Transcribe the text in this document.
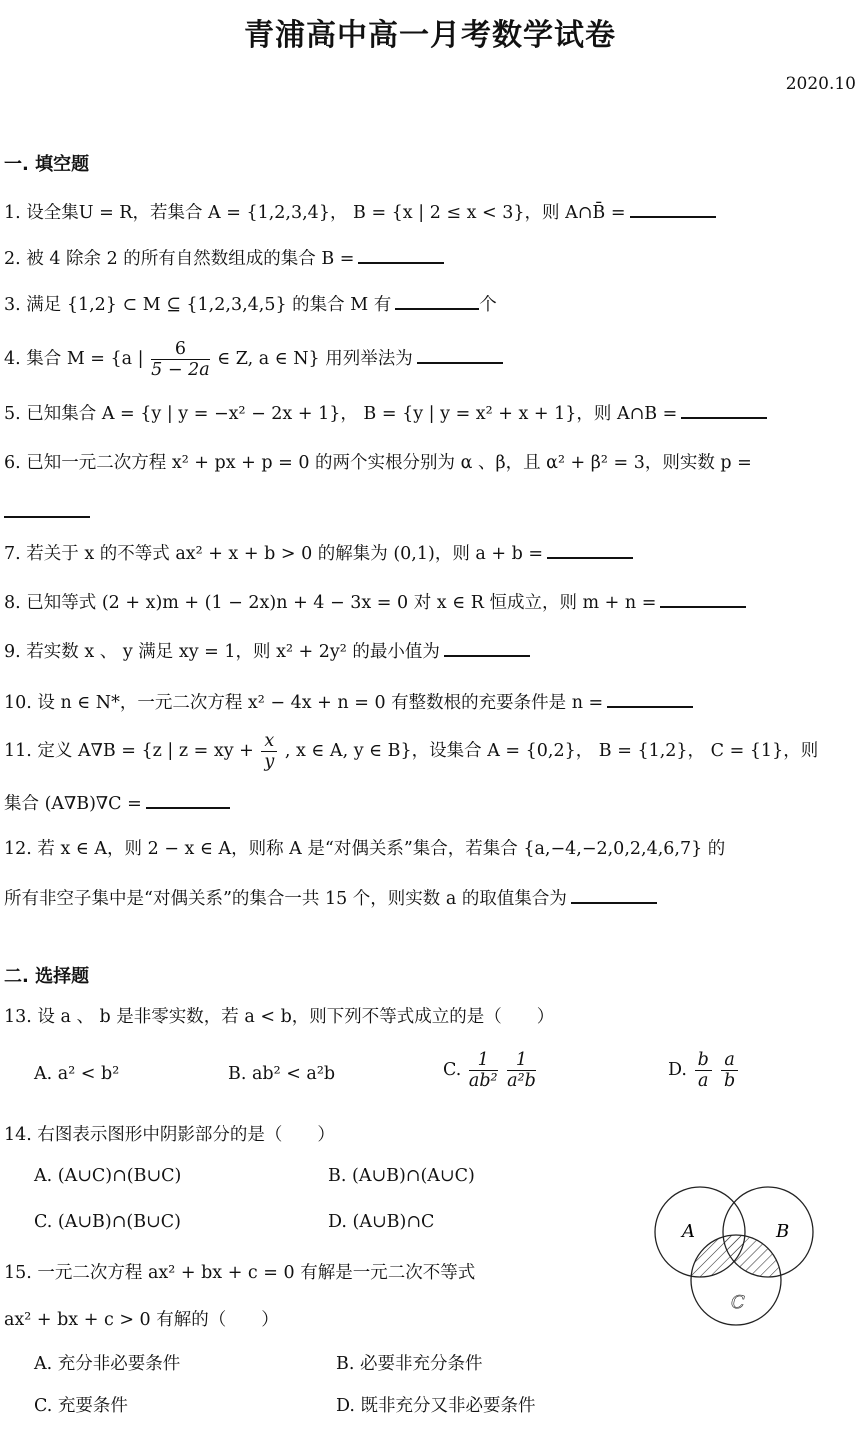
青浦高中高一月考数学试卷
2020.10
一. 填空题
1. 设全集U = R，若集合 A = {1,2,3,4}， B = {x | 2 ≤ x < 3}，则 A∩B̄ =
2. 被 4 除余 2 的所有自然数组成的集合 B =
3. 满足 {1,2} ⊂ M ⊆ {1,2,3,4,5} 的集合 M 有	个
4. 集合 M = {a | $\frac{6}{5 - 2a}$ ∈ Z, a ∈ N} 用列举法为
5. 已知集合 A = {y | y = −x² − 2x + 1}， B = {y | y = x² + x + 1}，则 A∩B =
6. 已知一元二次方程 x² + px + p = 0 的两个实根分别为 α 、β，且 α² + β² = 3，则实数 p =
7. 若关于 x 的不等式 ax² + x + b > 0 的解集为 (0,1)，则 a + b =
8. 已知等式 (2 + x)m + (1 − 2x)n + 4 − 3x = 0 对 x ∈ R 恒成立，则 m + n =
9. 若实数 x 、 y 满足 xy = 1，则 x² + 2y² 的最小值为
10. 设 n ∈ N*，一元二次方程 x² − 4x + n = 0 有整数根的充要条件是 n =
11. 定义 A∇B = {z | z = xy + $\frac{x}{y}$ , x ∈ A, y ∈ B}，设集合 A = {0,2}， B = {1,2}， C = {1}，则
集合 (A∇B)∇C =
12. 若 x ∈ A，则 2 − x ∈ A，则称 A 是“对偶关系”集合，若集合 {a,−4,−2,0,2,4,6,7} 的
所有非空子集中是“对偶关系”的集合一共 15 个，则实数 a 的取值集合为
二. 选择题
13. 设 a 、 b 是非零实数，若 a < b，则下列不等式成立的是（　　）
A. a² < b²	B. ab² < a²b	C. $\frac{1}{\text{ab²}}$
$\frac{1}{\text{a²b}}$	D. $\frac{b}{a}$
$\frac{a}{b}$
14. 右图表示图形中阴影部分的是（　　）
A. (A∪C)∩(B∪C)	B. (A∪B)∩(A∪C)
C. (A∪B)∩(B∪C)	D. (A∪B)∩C	A	B
C
15. 一元二次方程 ax² + bx + c = 0 有解是一元二次不等式
ax² + bx + c > 0 有解的（　　）
A. 充分非必要条件	B. 必要非充分条件
C. 充要条件	D. 既非充分又非必要条件
